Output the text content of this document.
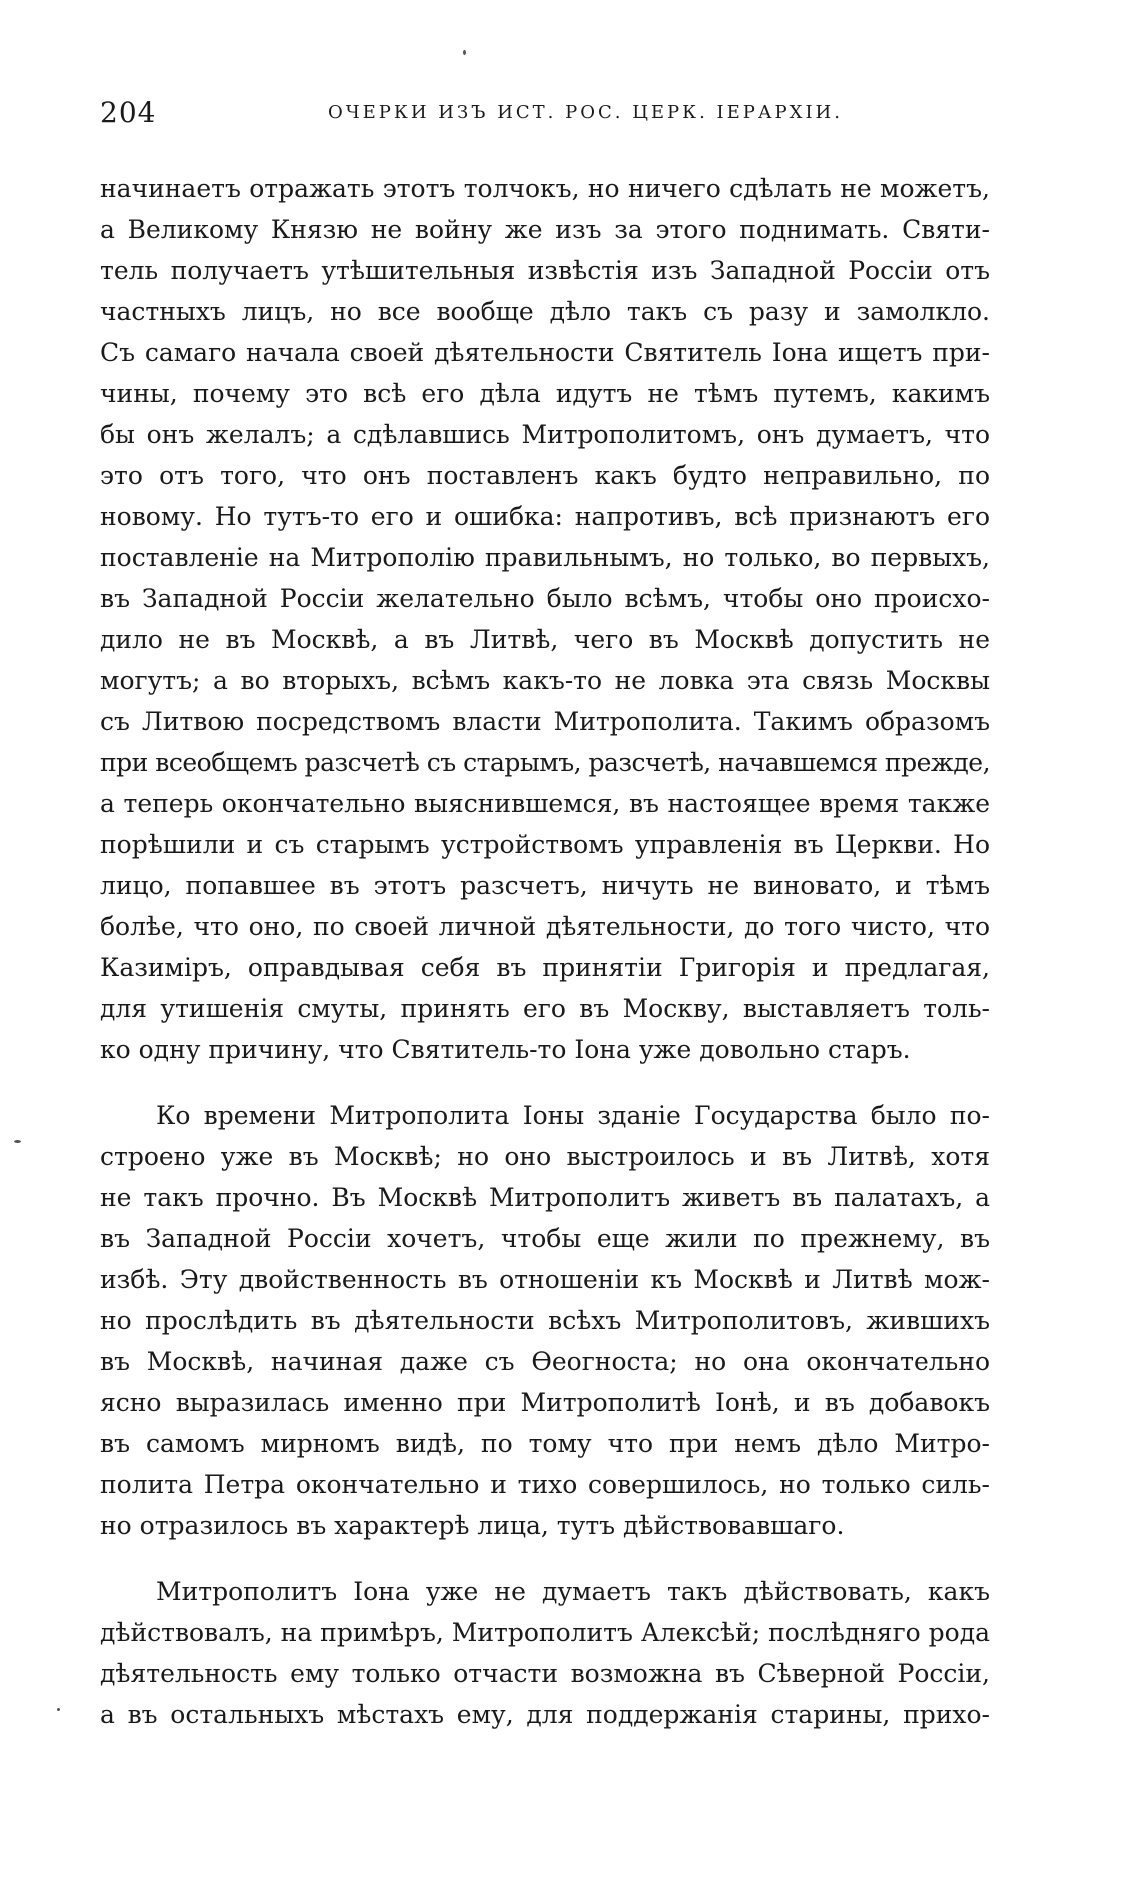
204	ОЧЕРКИ ИЗЪ ИСТ. РОС. ЦЕРК. ІЕРАРХІИ.
начинаетъ отражать этотъ толчокъ, но ничего сдѣлать не можетъ,
а Великому Князю не войну же изъ за этого поднимать. Святи-
тель получаетъ утѣшительныя извѣстія изъ Западной Россіи отъ
частныхъ лицъ, но все вообще дѣло такъ съ разу и замолкло.
Съ самаго начала своей дѣятельности Святитель Іона ищетъ при-
чины, почему это всѣ его дѣла идутъ не тѣмъ путемъ, какимъ
бы онъ желалъ; а сдѣлавшись Митрополитомъ, онъ думаетъ, что
это отъ того, что онъ поставленъ какъ будто неправильно, по
новому. Но тутъ-то его и ошибка: напротивъ, всѣ признаютъ его
поставленіе на Митрополію правильнымъ, но только, во первыхъ,
въ Западной Россіи желательно было всѣмъ, чтобы оно происхо-
дило не въ Москвѣ, а въ Литвѣ, чего въ Москвѣ допустить не
могутъ; а во вторыхъ, всѣмъ какъ-то не ловка эта связь Москвы
съ Литвою посредствомъ власти Митрополита. Такимъ образомъ
при всеобщемъ разсчетѣ съ старымъ, разсчетѣ, начавшемся прежде,
а теперь окончательно выяснившемся, въ настоящее время также
порѣшили и съ старымъ устройствомъ управленія въ Церкви. Но
лицо, попавшее въ этотъ разсчетъ, ничуть не виновато, и тѣмъ
болѣе, что оно, по своей личной дѣятельности, до того чисто, что
Казиміръ, оправдывая себя въ принятіи Григорія и предлагая,
для утишенія смуты, принять его въ Москву, выставляетъ толь-
ко одну причину, что Святитель-то Іона уже довольно старъ.
Ко времени Митрополита Іоны зданіе Государства было по-
строено уже въ Москвѣ; но оно выстроилось и въ Литвѣ, хотя
не такъ прочно. Въ Москвѣ Митрополитъ живетъ въ палатахъ, а
въ Западной Россіи хочетъ, чтобы еще жили по прежнему, въ
избѣ. Эту двойственность въ отношеніи къ Москвѣ и Литвѣ мож-
но прослѣдить въ дѣятельности всѣхъ Митрополитовъ, жившихъ
въ Москвѣ, начиная даже съ Ѳеогноста; но она окончательно
ясно выразилась именно при Митрополитѣ Іонѣ, и въ добавокъ
въ самомъ мирномъ видѣ, по тому что при немъ дѣло Митро-
полита Петра окончательно и тихо совершилось, но только силь-
но отразилось въ характерѣ лица, тутъ дѣйствовавшаго.
Митрополитъ Іона уже не думаетъ такъ дѣйствовать, какъ
дѣйствовалъ, на примѣръ, Митрополитъ Алексѣй; послѣдняго рода
дѣятельность ему только отчасти возможна въ Сѣверной Россіи,
а въ остальныхъ мѣстахъ ему, для поддержанія старины, прихо-
